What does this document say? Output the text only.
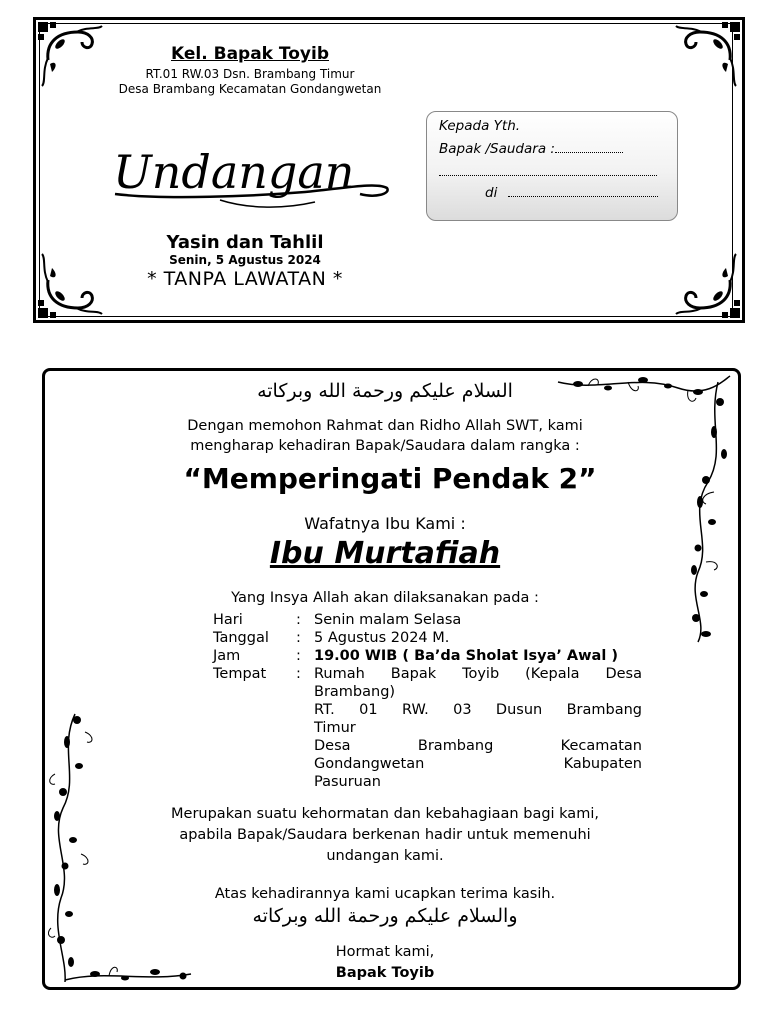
Kel. Bapak Toyib
RT.01 RW.03 Dsn. Brambang Timur
Desa Brambang Kecamatan Gondangwetan
Undangan
Yasin dan Tahlil
Senin, 5 Agustus 2024
* TANPA LAWATAN *
Kepada Yth.
Bapak /Saudara :
di
السلام عليكم ورحمة الله وبركاته
Dengan memohon Rahmat dan Ridho Allah SWT, kami
mengharap kehadiran Bapak/Saudara dalam rangka :
“Memperingati Pendak 2”
Wafatnya Ibu Kami :
Ibu Murtafiah
Yang Insya Allah akan dilaksanakan pada :
Hari	: Senin malam Selasa
Tanggal : 5 Agustus 2024 M.
Jam	: 19.00 WIB ( Ba’da Sholat Isya’ Awal )
Tempat : Rumah Bapak Toyib (Kepala Desa
Brambang)
RT. 01 RW. 03 Dusun Brambang
Timur
Desa Brambang Kecamatan
Gondangwetan Kabupaten
Pasuruan
Merupakan suatu kehormatan dan kebahagiaan bagi kami,
apabila Bapak/Saudara berkenan hadir untuk memenuhi
undangan kami.
Atas kehadirannya kami ucapkan terima kasih.
والسلام عليكم ورحمة الله وبركاته
Hormat kami,
Bapak Toyib
